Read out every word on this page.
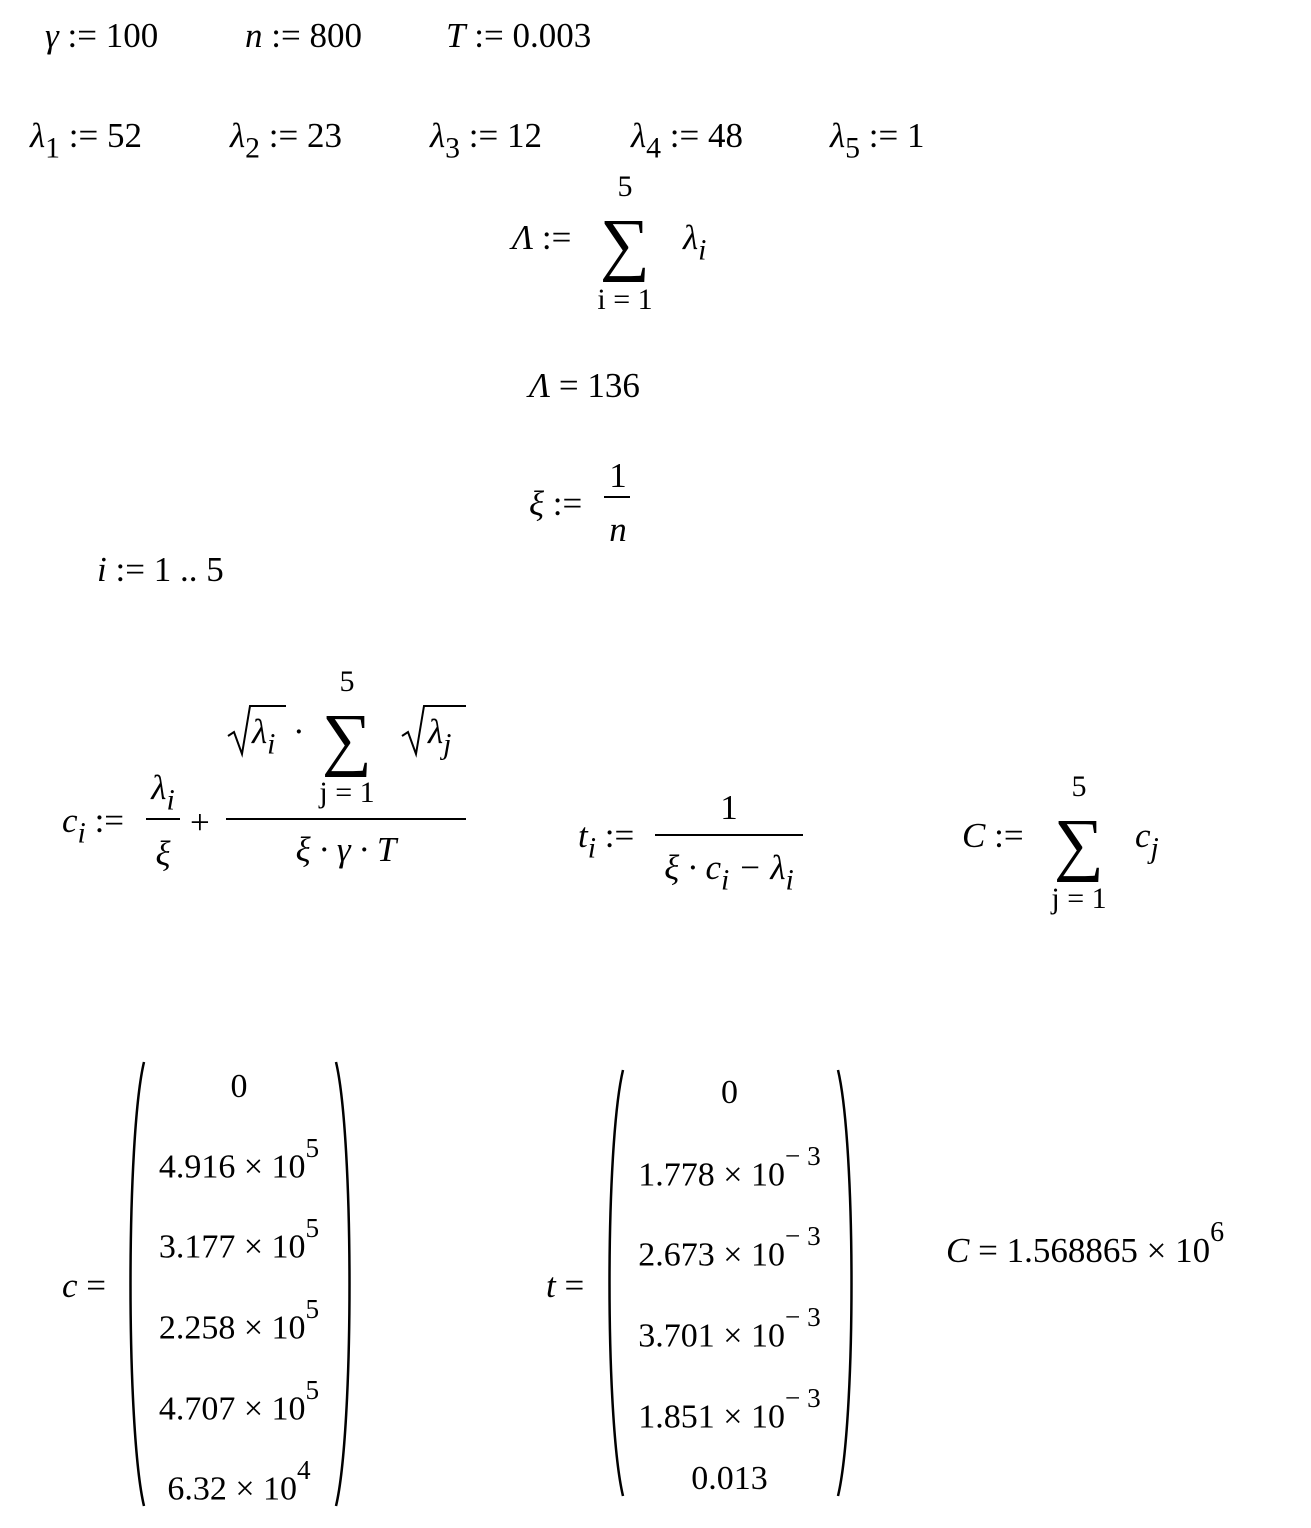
γ := 100 n := 800 T := 0.003
$\lambda_1$ := 52	$\lambda_2$ := 23	$\lambda_3$ := 12	$\lambda_4$ := 48 $\lambda_5$ := 1
Λ :=
5
∑
i = 1
$\lambda_i$
Λ = 136
ξ :=
1
n
i := 1 .. 5
$c_i$ :=
$\lambda_i$
ξ
+
$\lambda_i$ ·
5
∑
j = 1
$\lambda_j$
ξ · γ · T	$t_i$ :=
1
$\xi \cdot c_i - \lambda_i$
C :=
5
∑
j = 1
$c_j$
c =
0
$4.916 \times 10^5$
$3.177 \times 10^5$
$2.258 \times 10^5$
$4.707 \times 10^5$
$6.32 \times 10^4$
t =
0
$1.778 \times 10^{- 3}$
$2.673 \times 10^{- 3}$
$3.701 \times 10^{- 3}$
$1.851 \times 10^{- 3}$
0.013
$C = 1.568865 \times 10^6$
